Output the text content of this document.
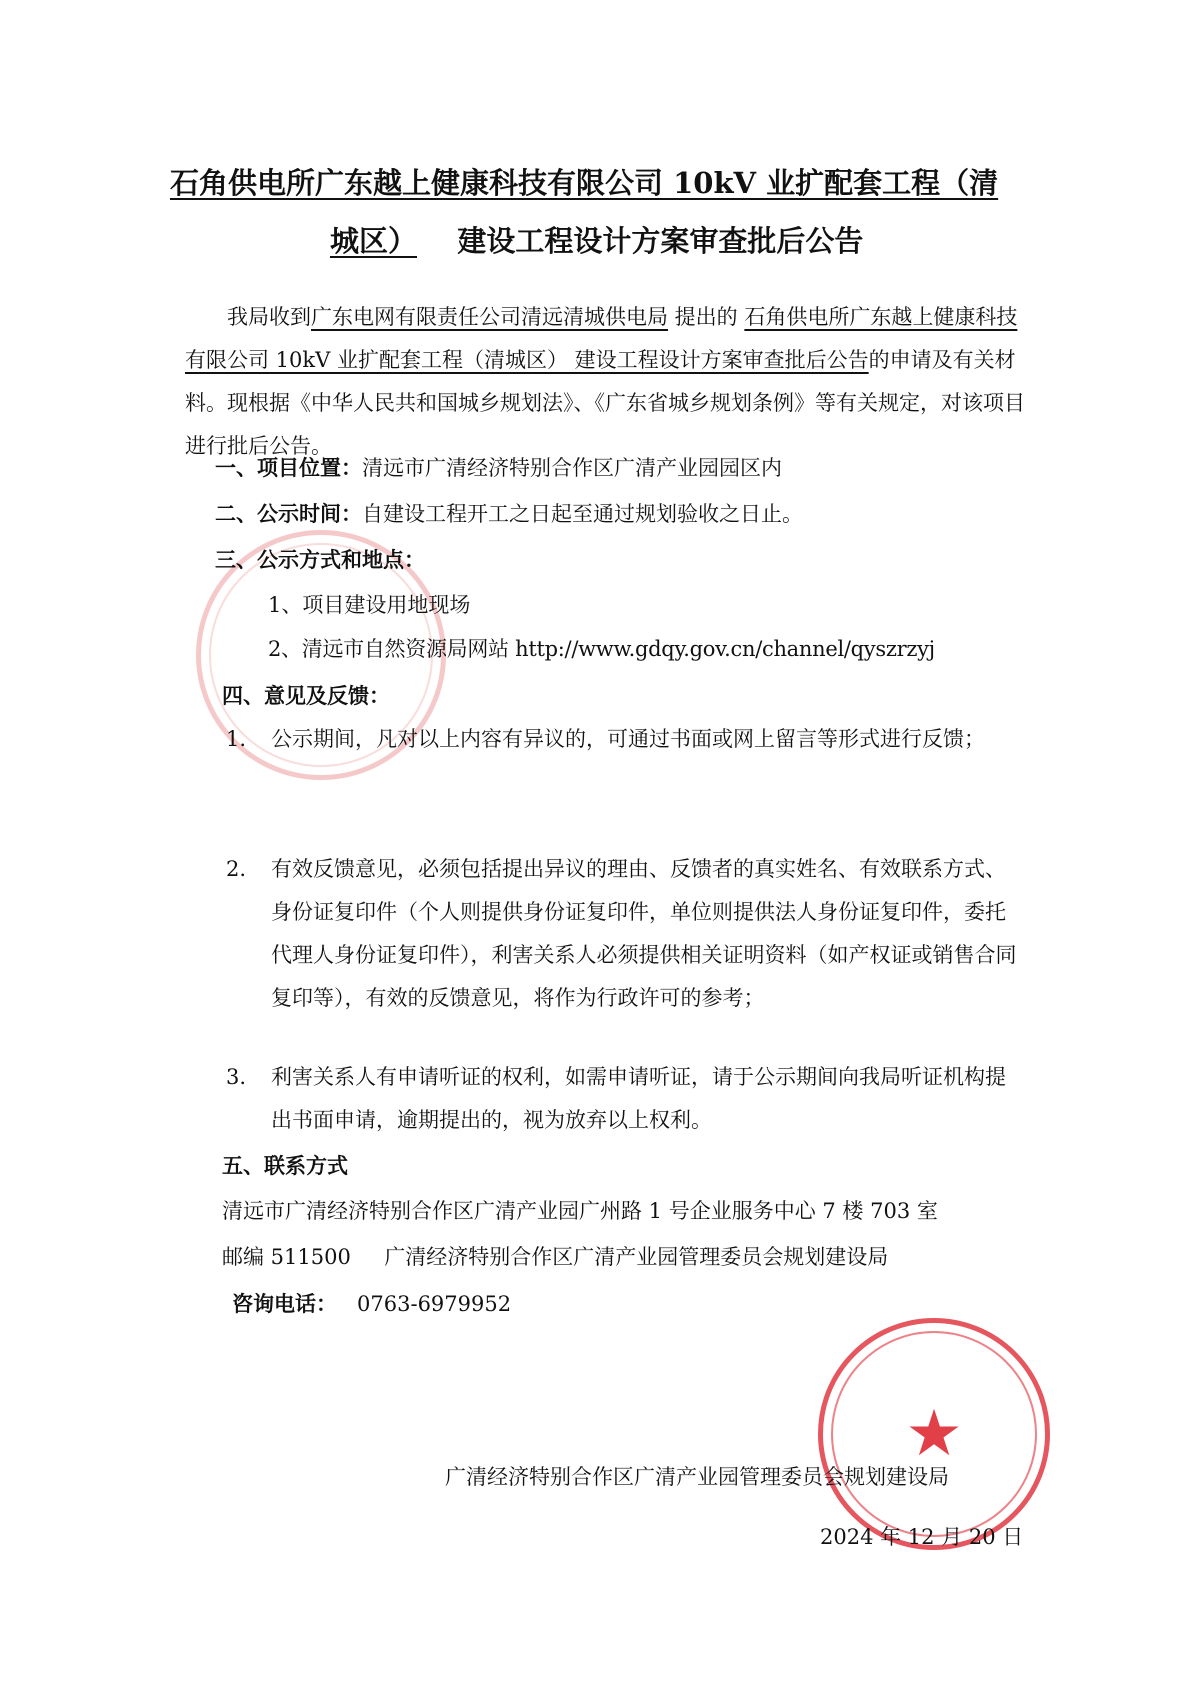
石角供电所广东越上健康科技有限公司 10kV 业扩配套工程（清
城区） 建设工程设计方案审查批后公告
我局收到广东电网有限责任公司清远清城供电局 提出的 石角供电所广东越上健康科技有限公司 10kV 业扩配套工程（清城区） 建设工程设计方案审查批后公告的申请及有关材料。现根据《中华人民共和国城乡规划法》、《广东省城乡规划条例》等有关规定，对该项目进行批后公告。
一、项目位置：清远市广清经济特别合作区广清产业园园区内
二、公示时间：自建设工程开工之日起至通过规划验收之日止。
三、公示方式和地点：
1、项目建设用地现场
2、清远市自然资源局网站 http://www.gdqy.gov.cn/channel/qyszrzyj
四、意见及反馈：
1. 公示期间，凡对以上内容有异议的，可通过书面或网上留言等形式进行反馈；
2. 有效反馈意见，必须包括提出异议的理由、反馈者的真实姓名、有效联系方式、身份证复印件（个人则提供身份证复印件，单位则提供法人身份证复印件，委托代理人身份证复印件），利害关系人必须提供相关证明资料（如产权证或销售合同复印等），有效的反馈意见，将作为行政许可的参考；
3. 利害关系人有申请听证的权利，如需申请听证，请于公示期间向我局听证机构提出书面申请，逾期提出的，视为放弃以上权利。
五、联系方式
清远市广清经济特别合作区广清产业园广州路 1 号企业服务中心 7 楼 703 室
邮编 511500 广清经济特别合作区广清产业园管理委员会规划建设局
咨询电话： 0763-6979952
★
广清经济特别合作区广清产业园管理委员会规划建设局
2024 年 12 月 20 日
